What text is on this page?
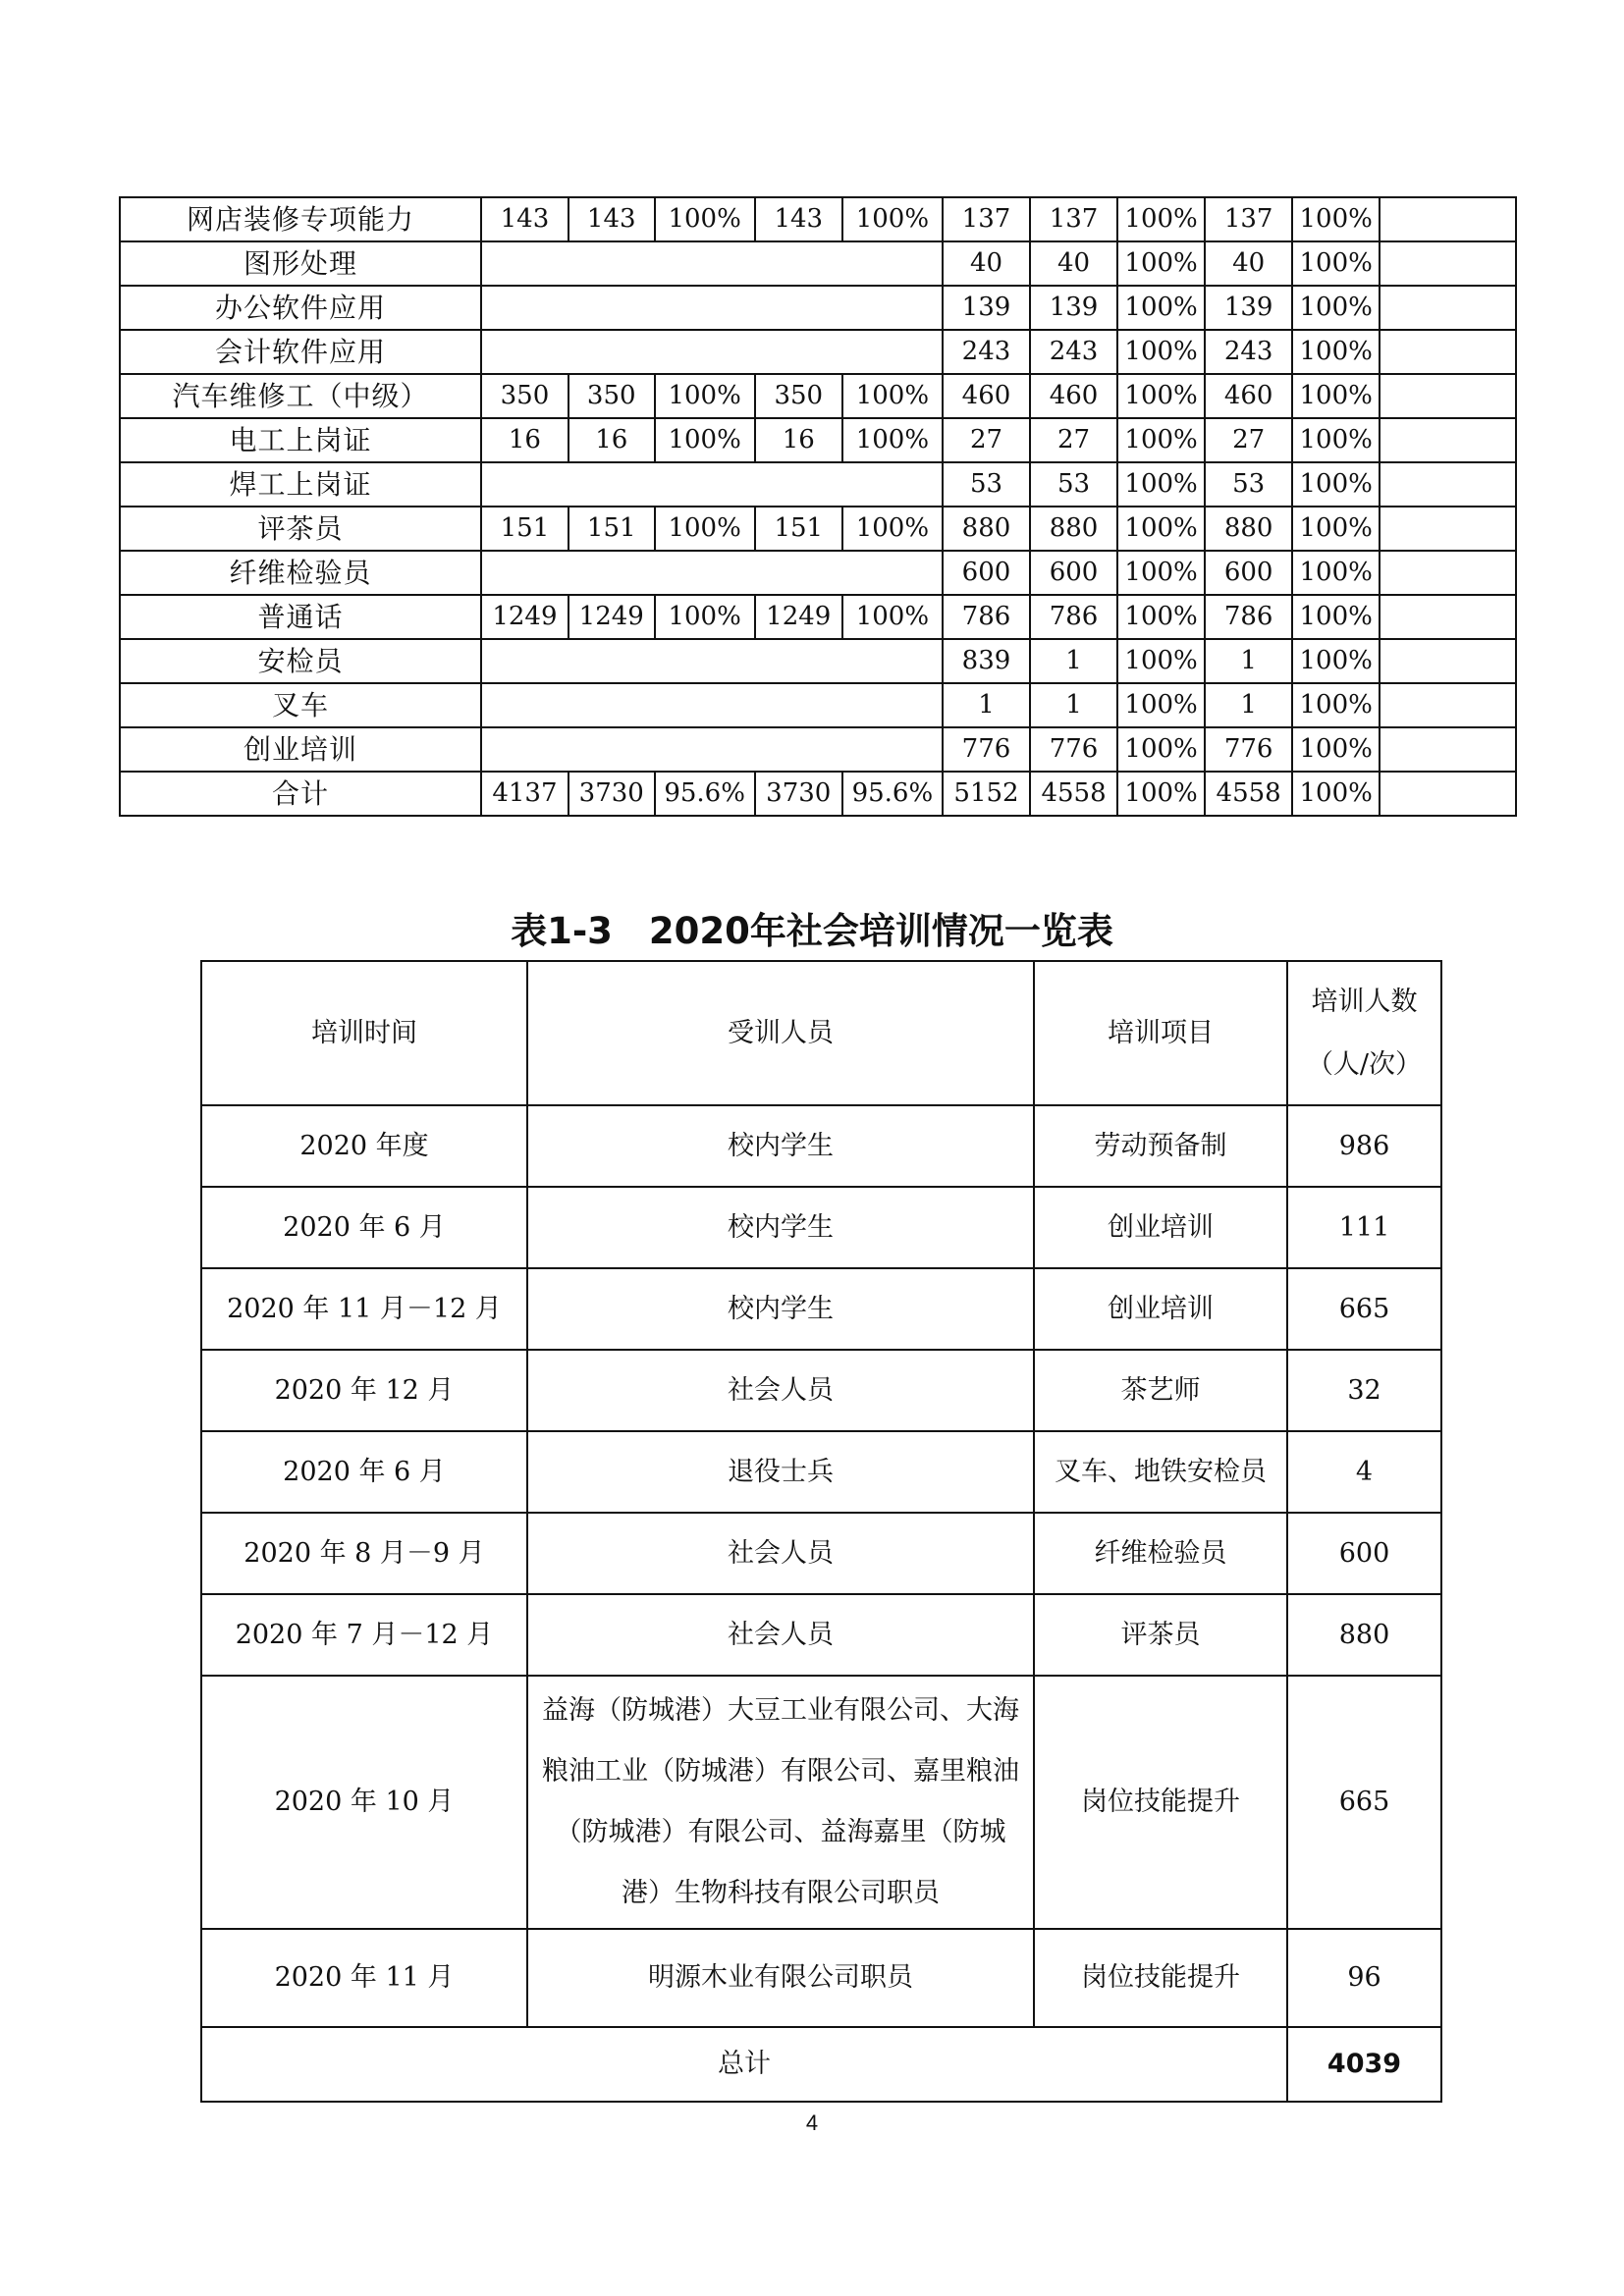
网店装修专项能力	143	143	100%	143	100%	137	137	100%	137	100%	
图形处理						40	40	100%	40	100%	
办公软件应用						139	139	100%	139	100%	
会计软件应用						243	243	100%	243	100%	
汽车维修工（中级）	350	350	100%	350	100%	460	460	100%	460	100%	
电工上岗证	16	16	100%	16	100%	27	27	100%	27	100%	
焊工上岗证						53	53	100%	53	100%	
评茶员	151	151	100%	151	100%	880	880	100%	880	100%	
纤维检验员						600	600	100%	600	100%	
普通话	1249	1249	100%	1249	100%	786	786	100%	786	100%	
安检员						839	1	100%	1	100%	
叉车						1	1	100%	1	100%	
创业培训						776	776	100%	776	100%	
合计	4137	3730	95.6%	3730	95.6%	5152	4558	100%	4558	100%	
表1-3　2020年社会培训情况一览表
培训时间	受训人员	培训项目	培训人数
（人/次）

2020 年度	校内学生	劳动预备制	986
2020 年 6 月	校内学生	创业培训	111
2020 年 11 月－12 月	校内学生	创业培训	665
2020 年 12 月	社会人员	茶艺师	32
2020 年 6 月	退役士兵	叉车、地铁安检员	4
2020 年 8 月－9 月	社会人员	纤维检验员	600
2020 年 7 月－12 月	社会人员	评茶员	880
2020 年 10 月	益海（防城港）大豆工业有限公司、大海粮油工业（防城港）有限公司、嘉里粮油（防城港）有限公司、益海嘉里（防城港）生物科技有限公司职员	岗位技能提升	665
2020 年 11 月	明源木业有限公司职员	岗位技能提升	96
总计			4039
4
